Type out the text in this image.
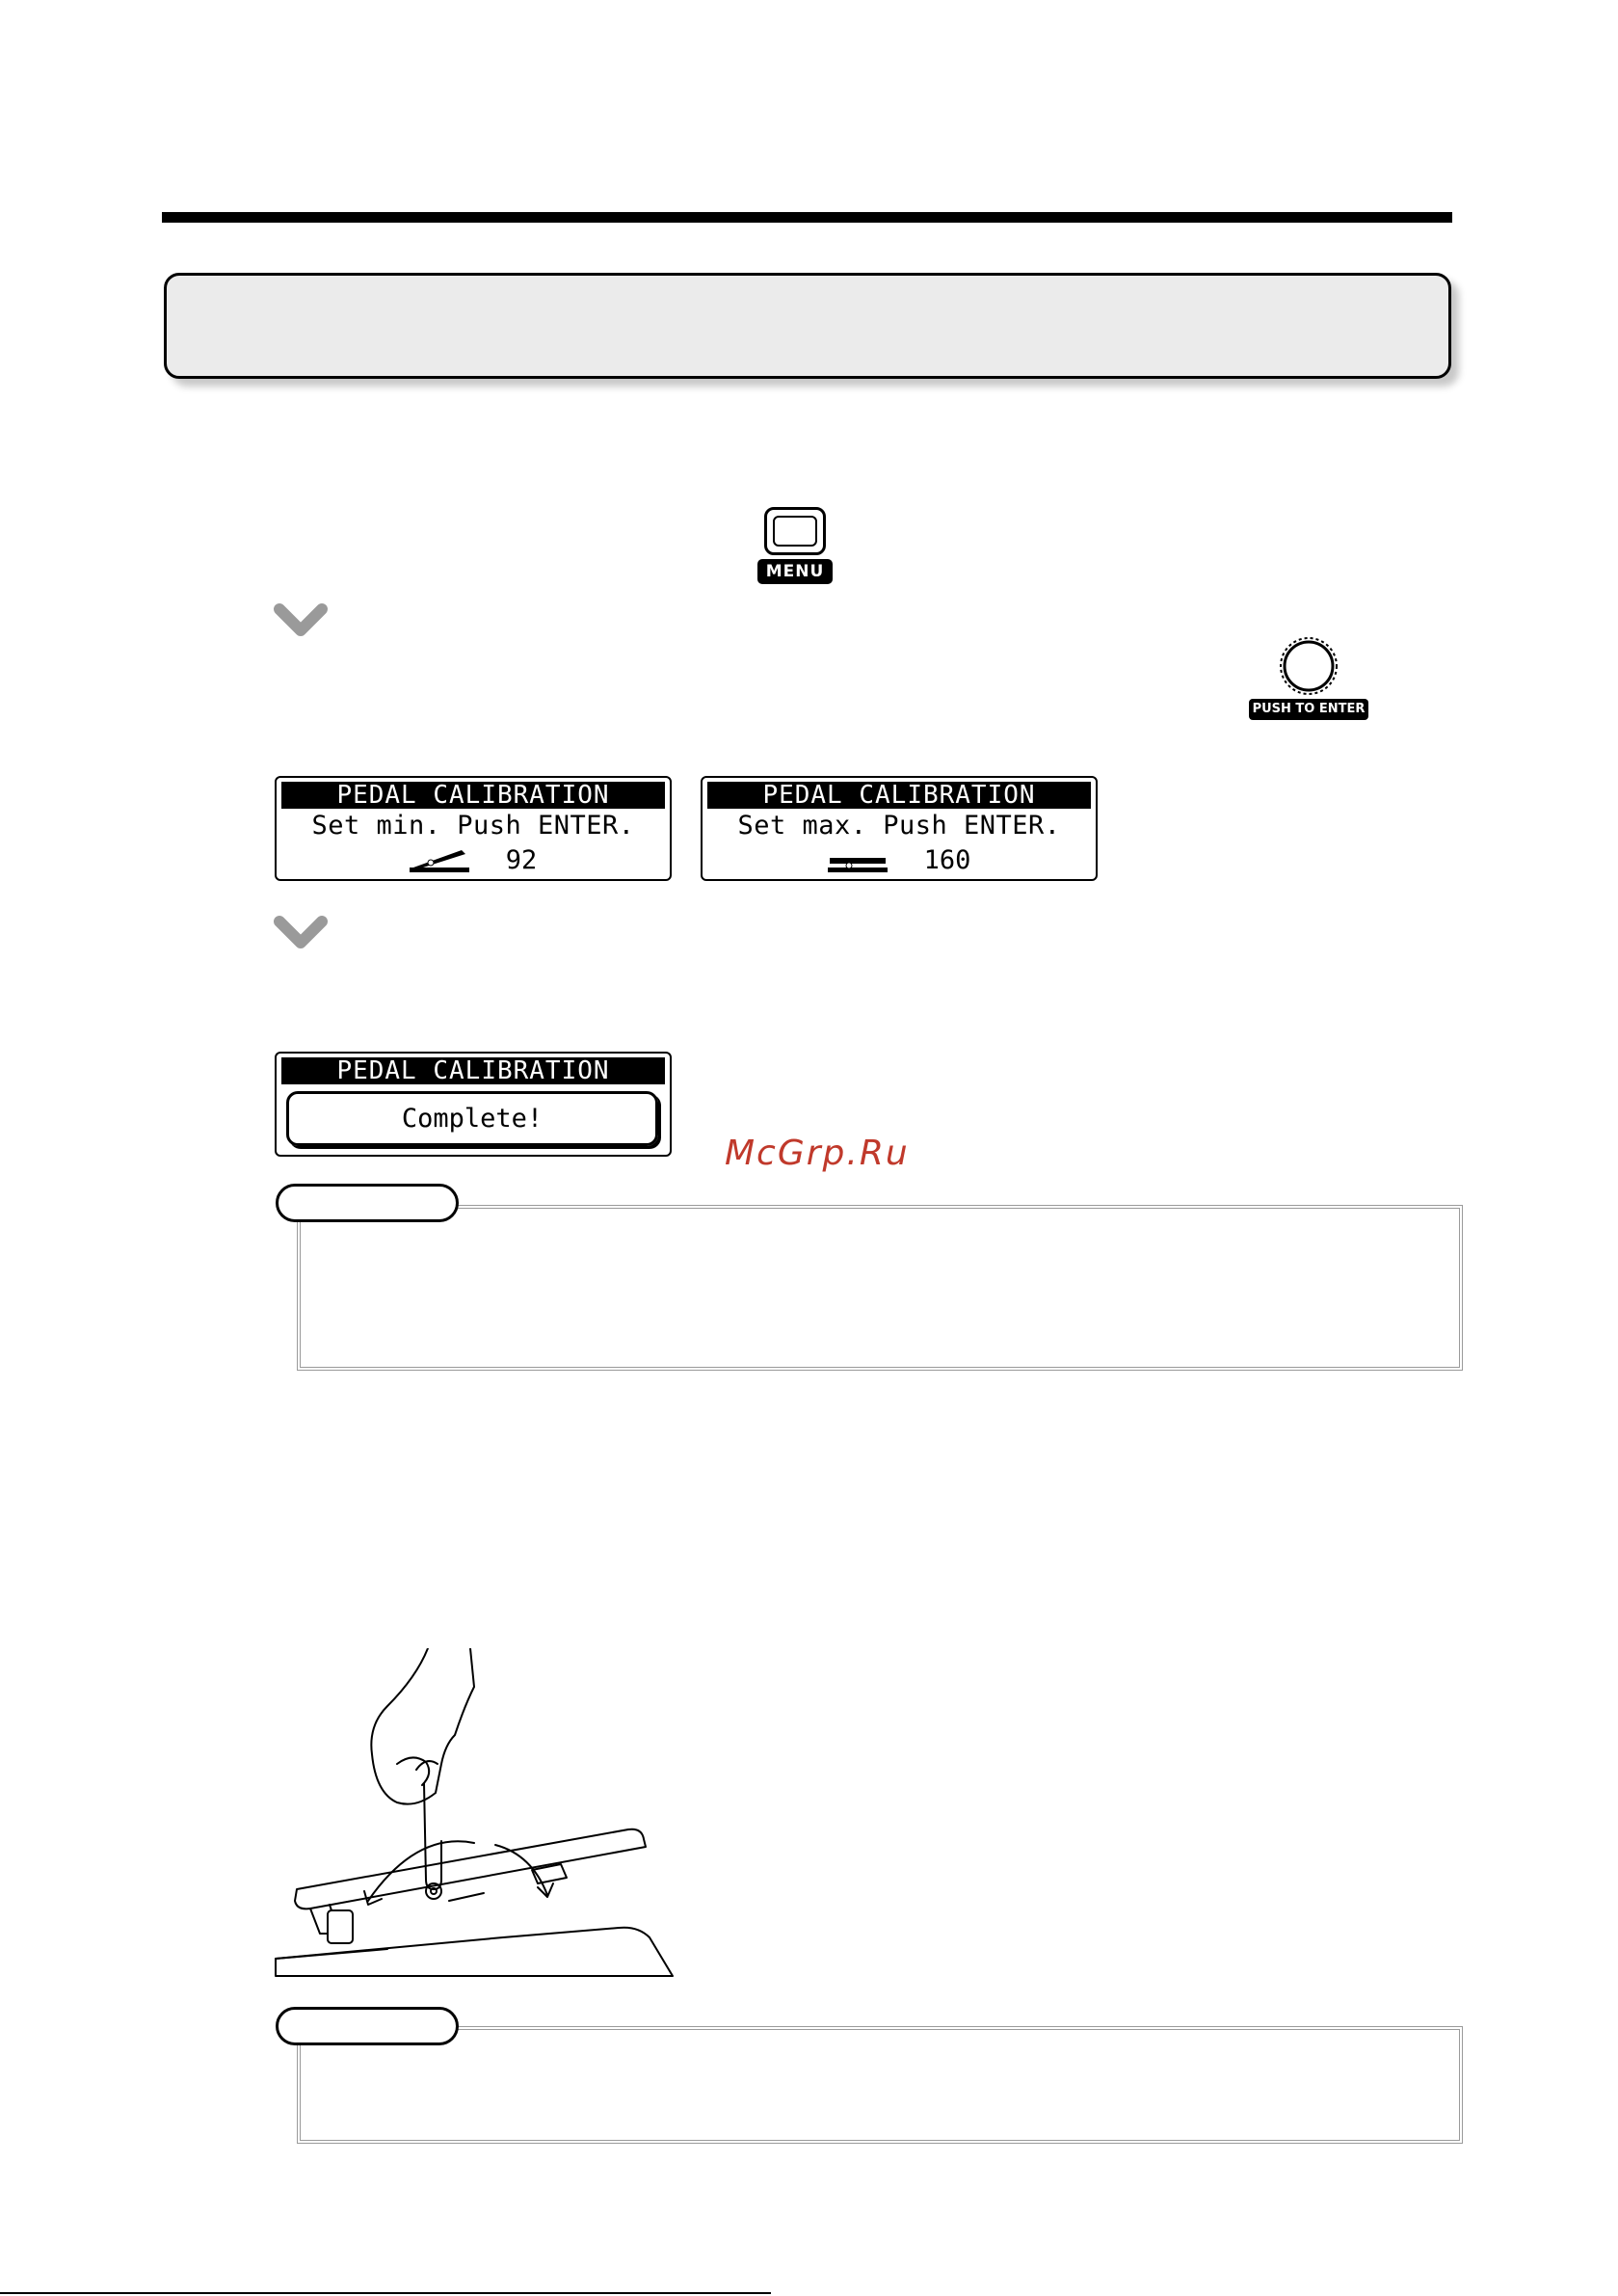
MENU
PUSH TO ENTER
PEDAL CALIBRATION
Set min. Push ENTER.
92
PEDAL CALIBRATION
Set max. Push ENTER.
160
PEDAL CALIBRATION
Complete!
McGrp.Ru
